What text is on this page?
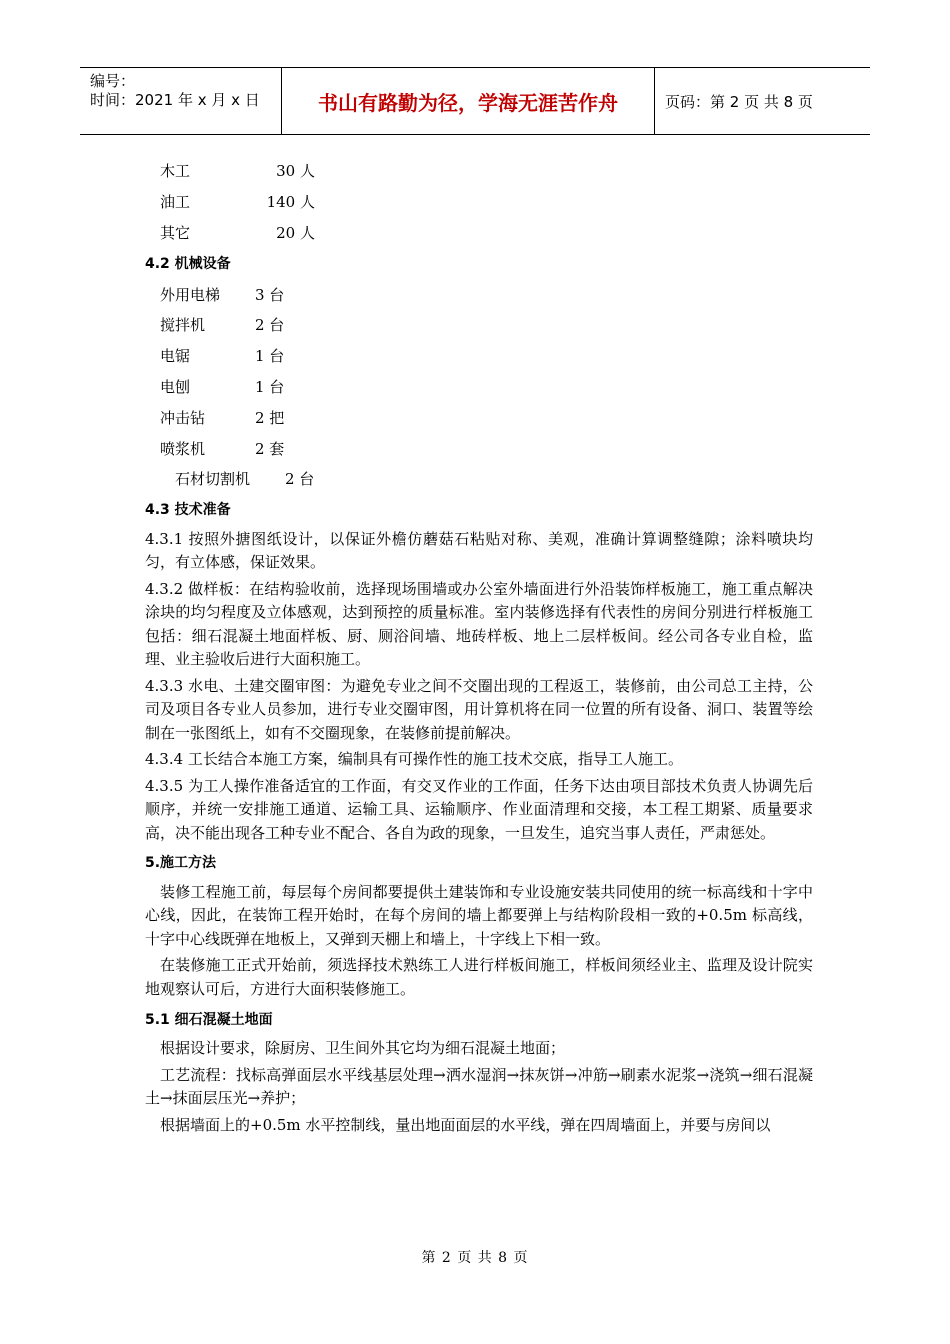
编号：
时间：2021 年 x 月 x 日	书山有路勤为径，学海无涯苦作舟	页码：第 2 页 共 8 页
木工	30 人
油工	140 人
其它	20 人
4.2 机械设备
外用电梯	3 台
搅拌机	2 台
电锯	1 台
电刨	1 台
冲击钻	2 把
喷浆机	2 套
石材切割机	2 台
4.3 技术准备

4.3.1 按照外搪图纸设计，以保证外檐仿蘑菇石粘贴对称、美观，准确计算调整缝隙；涂料喷块均匀，有立体感，保证效果。

4.3.2 做样板：在结构验收前，选择现场围墙或办公室外墙面进行外沿装饰样板施工，施工重点解决涂块的均匀程度及立体感观，达到预控的质量标准。室内装修选择有代表性的房间分别进行样板施工包括：细石混凝土地面样板、厨、厕浴间墙、地砖样板、地上二层样板间。经公司各专业自检，监理、业主验收后进行大面积施工。

4.3.3 水电、土建交圈审图：为避免专业之间不交圈出现的工程返工，装修前，由公司总工主持，公司及项目各专业人员参加，进行专业交圈审图，用计算机将在同一位置的所有设备、洞口、装置等绘制在一张图纸上，如有不交圈现象，在装修前提前解决。

4.3.4 工长结合本施工方案，编制具有可操作性的施工技术交底，指导工人施工。

4.3.5 为工人操作准备适宜的工作面，有交叉作业的工作面，任务下达由项目部技术负责人协调先后顺序，并统一安排施工通道、运输工具、运输顺序、作业面清理和交接，本工程工期紧、质量要求高，决不能出现各工种专业不配合、各自为政的现象，一旦发生，追究当事人责任，严肃惩处。

5.施工方法

装修工程施工前，每层每个房间都要提供土建装饰和专业设施安装共同使用的统一标高线和十字中心线，因此，在装饰工程开始时，在每个房间的墙上都要弹上与结构阶段相一致的+0.5m 标高线，十字中心线既弹在地板上，又弹到天棚上和墙上，十字线上下相一致。

在装修施工正式开始前，须选择技术熟练工人进行样板间施工，样板间须经业主、监理及设计院实地观察认可后，方进行大面积装修施工。

5.1 细石混凝土地面

根据设计要求，除厨房、卫生间外其它均为细石混凝土地面；

工艺流程：找标高弹面层水平线基层处理→洒水湿润→抹灰饼→冲筋→刷素水泥浆→浇筑→细石混凝土→抹面层压光→养护；

根据墙面上的+0.5m 水平控制线，量出地面面层的水平线，弹在四周墙面上，并要与房间以

第 2 页 共 8 页
